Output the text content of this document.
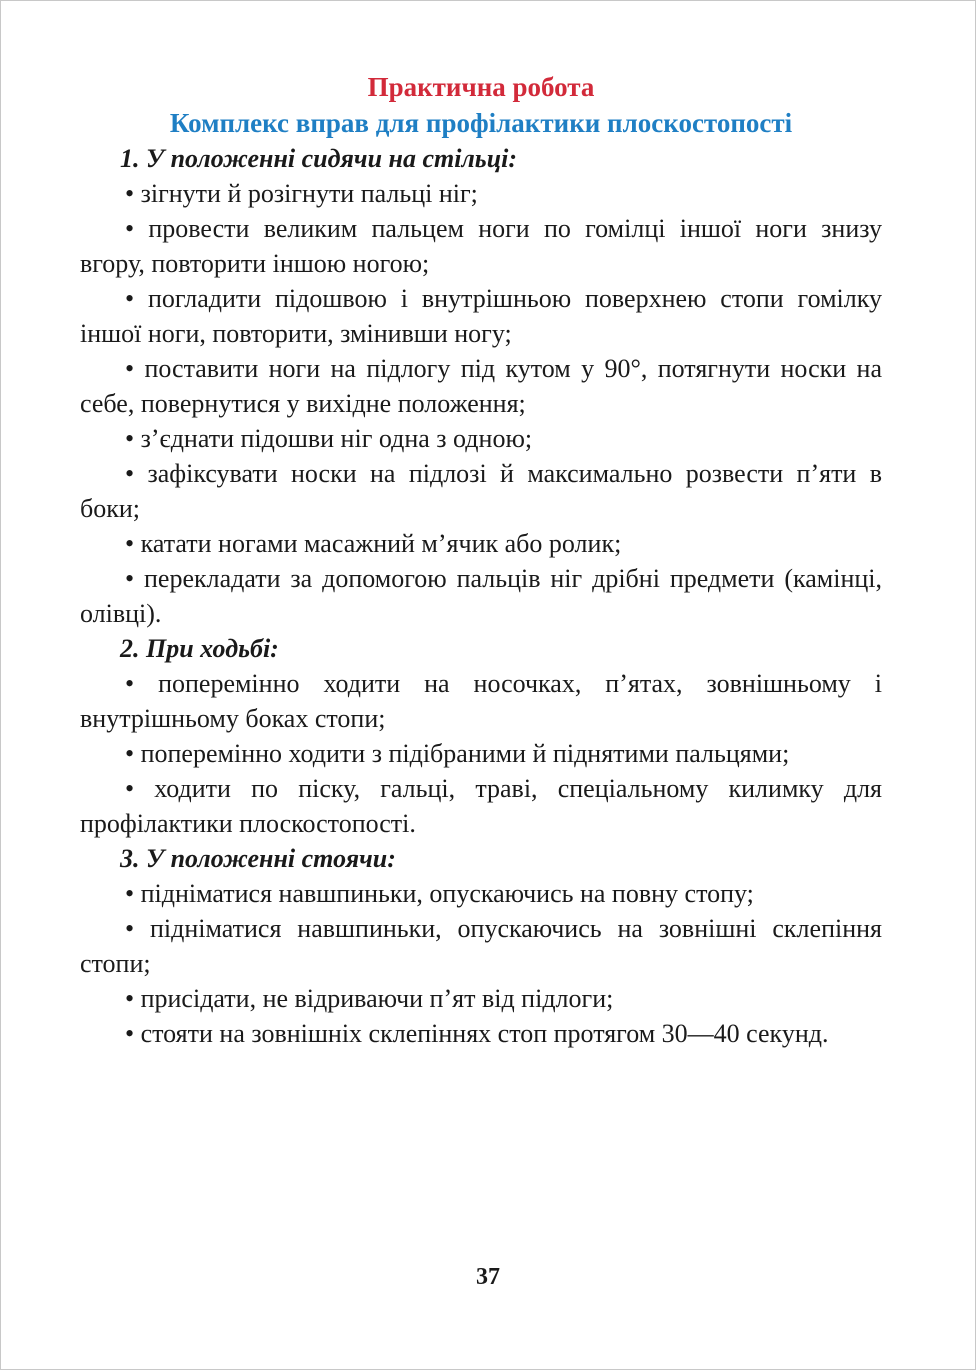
Практична робота

Комплекс вправ для профілактики плоскостопості

1. У положенні сидячи на стільці:

• зігнути й розігнути пальці ніг;

• провести великим пальцем ноги по гомілці іншої ноги знизу вгору, повторити іншою ногою;

• погладити підошвою і внутрішньою поверхнею стопи гомілку іншої ноги, повторити, змінивши ногу;

• поставити ноги на підлогу під кутом у 90°, потягнути носки на себе, повернутися у вихідне положення;

• з’єднати підошви ніг одна з одною;

• зафіксувати носки на підлозі й максимально розвести п’яти в боки;

• катати ногами масажний м’ячик або ролик;

• перекладати за допомогою пальців ніг дрібні предмети (камінці, олівці).

2. При ходьбі:

• поперемінно ходити на носочках, п’ятах, зовнішньому і внутрішньому боках стопи;

• поперемінно ходити з підібраними й піднятими пальцями;

• ходити по піску, гальці, траві, спеціальному килимку для профілактики плоскостопості.

3. У положенні стоячи:

• підніматися навшпиньки, опускаючись на повну стопу;

• підніматися навшпиньки, опускаючись на зовнішні склепіння стопи;

• присідати, не відриваючи п’ят від підлоги;

• стояти на зовнішніх склепіннях стоп протягом 30—40 секунд.

37
